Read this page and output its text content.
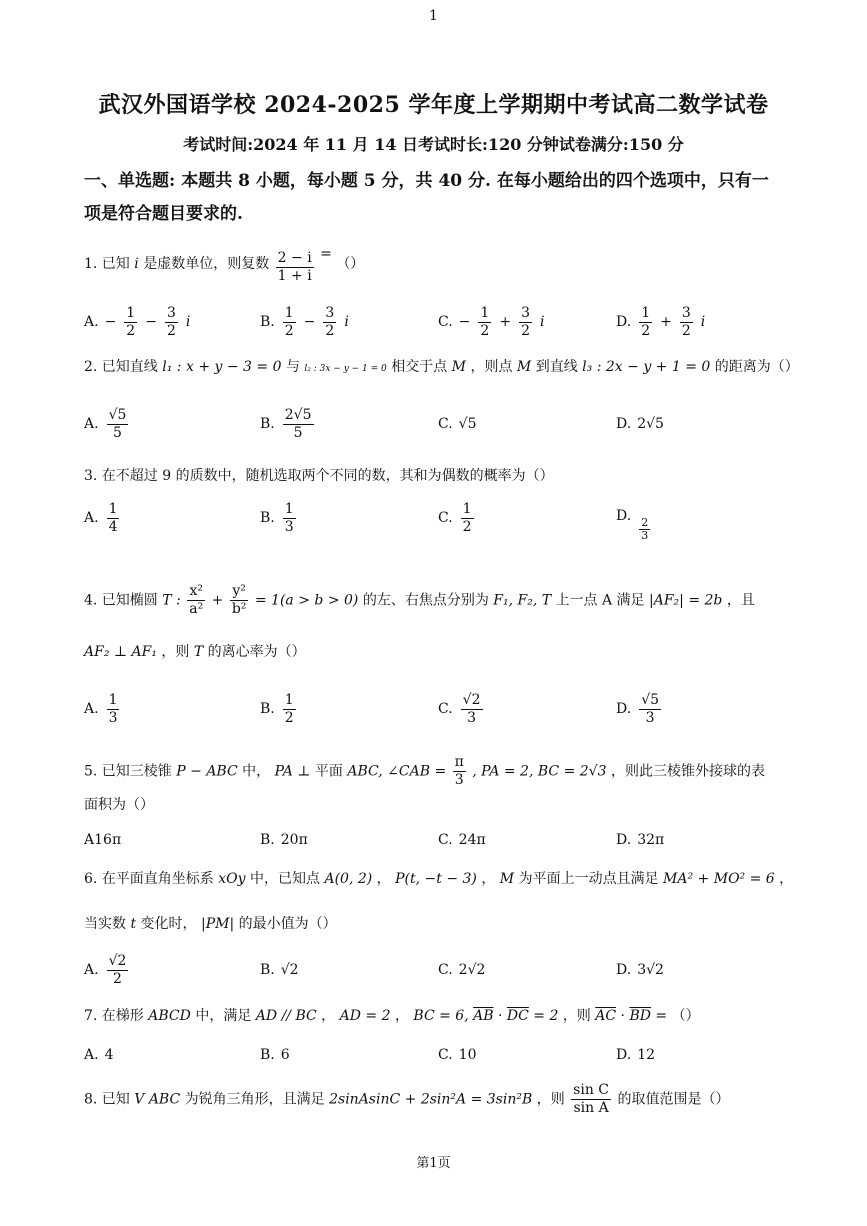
1
武汉外国语学校 2024-2025 学年度上学期期中考试高二数学试卷
考试时间:2024 年 11 月 14 日考试时长:120 分钟试卷满分:150 分
一、单选题: 本题共 8 小题，每小题 5 分，共 40 分. 在每小题给出的四个选项中，只有一
项是符合题目要求的.
1. 已知 i 是虚数单位，则复数 $\frac{2 - i}{1 + i}$ = （）
A. − $\frac{1}{2} - \frac{3}{2}$ i	B. $\frac{1}{2} - \frac{3}{2}$ i	C. − $\frac{1}{2} + \frac{3}{2}$ i	D. $\frac{1}{2} + \frac{3}{2}$ i
2. 已知直线 l₁ : x + y − 3 = 0 与 l₂ : 3x − y − 1 = 0 相交于点 M ，则点 M 到直线 l₃ : 2x − y + 1 = 0 的距离为（）
A. $\frac{√5}{5}$	B. $\frac{2√5}{5}$	C. √5	D. 2√5
3. 在不超过 9 的质数中，随机选取两个不同的数，其和为偶数的概率为（）
A. $\frac{1}{4}$	B. $\frac{1}{3}$	C. $\frac{1}{2}$	D.
$\frac{2}{3}$
4. 已知椭圆 T : $\frac{\text{x²}}{\text{a²}} + \frac{\text{y²}}{\text{b²}} = 1(a > b > 0)$ 的左、右焦点分别为 F₁, F₂, T 上一点 A 满足 |AF₂| = 2b ，且
AF₂ ⊥ AF₁ ，则 T 的离心率为（）
A. $\frac{1}{3}$	B. $\frac{1}{2}$	C. $\frac{√2}{3}$	D. $\frac{√5}{3}$
5. 已知三棱锥 P − ABC 中， PA ⊥ 平面 ABC, ∠CAB = $\frac{\pi}{3}$ , PA = 2, BC = 2√3 ，则此三棱锥外接球的表
面积为（）
A 16π	B. 20π	C. 24π	D. 32π
6. 在平面直角坐标系 xOy 中，已知点 A(0, 2) ， P(t, −t − 3) ， M 为平面上一动点且满足 MA² + MO² = 6 ，
当实数 t 变化时， |PM| 的最小值为（）
A. $\frac{√2}{2}$	B. √2	C. 2√2	D. 3√2
7. 在梯形 ABCD 中，满足 AD // BC ， AD = 2 ， BC = 6, $\overline{AB} \cdot \overline{DC} = 2$ ，则 $\overline{AC} \cdot \overline{BD}$ = （）
A. 4	B. 6	C. 10	D. 12
8. 已知 V ABC 为锐角三角形，且满足 2sinAsinC + 2sin²A = 3sin²B ，则 $\frac{\text{sin C}}{\text{sin A}}$ 的取值范围是（）
第1页
